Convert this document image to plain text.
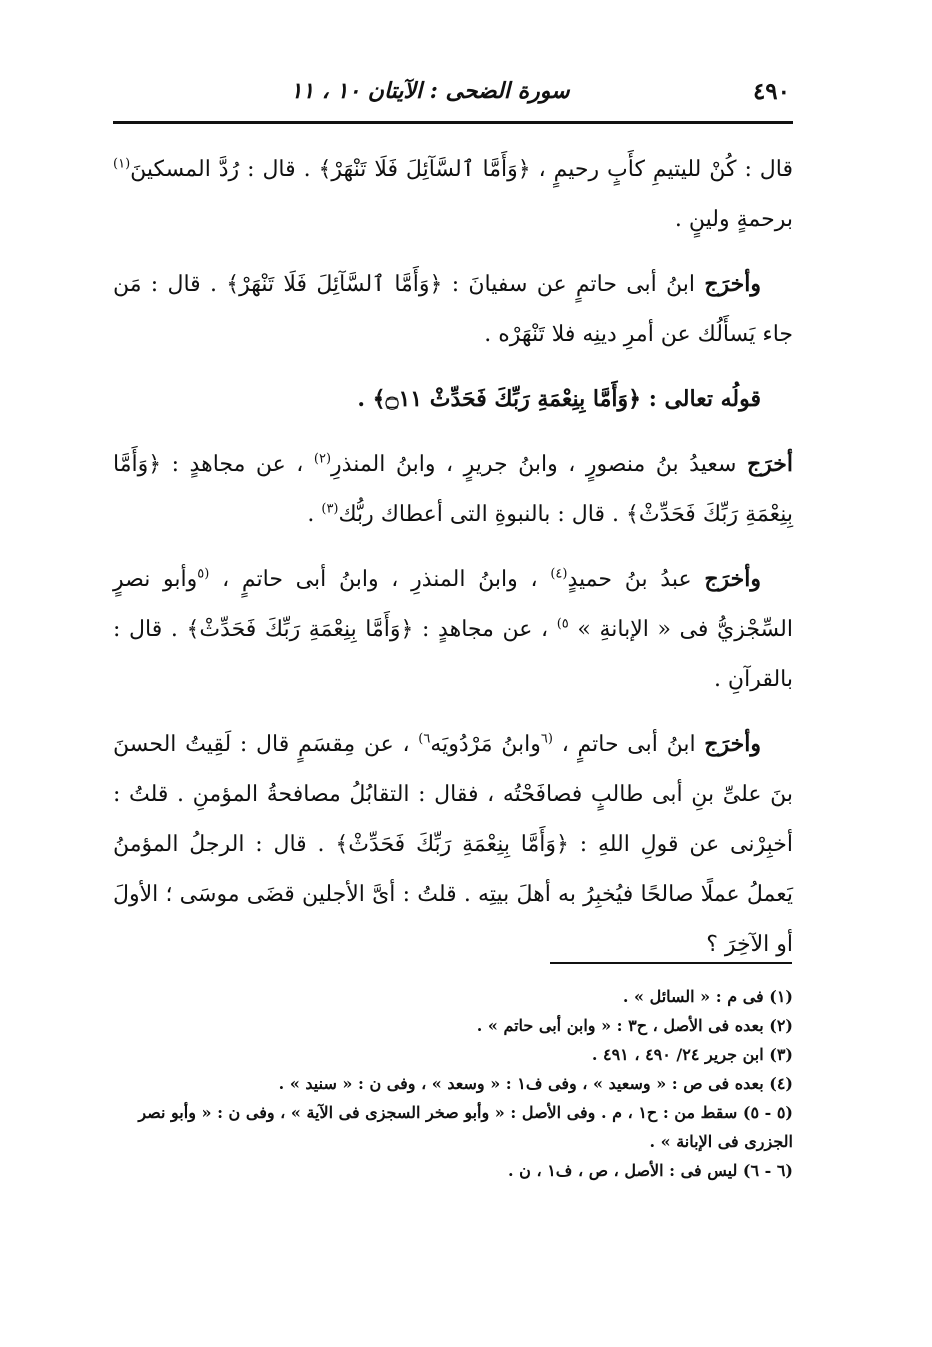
٤٩٠
سورة الضحى : الآيتان ١٠ ، ١١

قال : كُنْ لليتيمِ كأَبٍ رحيمٍ ، ﴿وَأَمَّا ٱلسَّآئِلَ فَلَا تَنْهَرْ﴾ . قال : رُدَّ المسكينَ$^{(١)}$ برحمةٍ ولينٍ .

وأخرَج ابنُ أبى حاتمٍ عن سفيانَ : ﴿وَأَمَّا ٱلسَّآئِلَ فَلَا تَنْهَرْ﴾ . قال : مَن جاء يَسأَلُك عن أمرِ دينِه فلا تَنْهَرْه .

قولُه تعالى : ﴿وَأَمَّا بِنِعْمَةِ رَبِّكَ فَحَدِّثْ ۝١١﴾ .

أخرَج سعيدُ بنُ منصورٍ ، وابنُ جريرٍ ، وابنُ المنذرِ$^{(٢)}$ ، عن مجاهدٍ : ﴿وَأَمَّا بِنِعْمَةِ رَبِّكَ فَحَدِّثْ﴾ . قال : بالنبوةِ التى أعطاك ربُّك$^{(٣)}$ .

وأخرَج عبدُ بنُ حميدٍ$^{(٤)}$ ، وابنُ المنذرِ ، وابنُ أبى حاتمٍ ، $^{(٥}$وأبو نصرٍ السِّجْزيُّ فى « الإبانةِ » $^{٥)}$ ، عن مجاهدٍ : ﴿وَأَمَّا بِنِعْمَةِ رَبِّكَ فَحَدِّثْ﴾ . قال : بالقرآنِ .

وأخرَج ابنُ أبى حاتمٍ ، $^{(٦}$وابنُ مَرْدُويَه$^{٦)}$ ، عن مِقسَمٍ قال : لَقِيتُ الحسنَ بنَ علىِّ بنِ أبى طالبٍ فصافَحْتُه ، فقال : التقابُلُ مصافحةُ المؤمنِ . قلتُ : أخبِرْنى عن قولِ اللهِ : ﴿وَأَمَّا بِنِعْمَةِ رَبِّكَ فَحَدِّثْ﴾ . قال : الرجلُ المؤمنُ يَعملُ عملًا صالحًا فيُخبِرُ به أهلَ بيتِه . قلتُ : أىَّ الأجلين قضَى موسَى ؛ الأولَ أو الآخِرَ ؟

(١) فى م : « السائل » .

(٢) بعده فى الأصل ، ح٣ : « وابن أبى حاتم » .

(٣) ابن جرير ٢٤/ ٤٩٠ ، ٤٩١ .

(٤) بعده فى ص : « وسعيد » ، وفى ف١ : « وسعد » ، وفى ن : « سنيد » .

(٥ - ٥) سقط من : ح١ ، م . وفى الأصل : « وأبو صخر السجزى فى الآية » ، وفى ن : « وأبو نصر الجزرى فى الإبانة » .

(٦ - ٦) ليس فى : الأصل ، ص ، ف١ ، ن .
